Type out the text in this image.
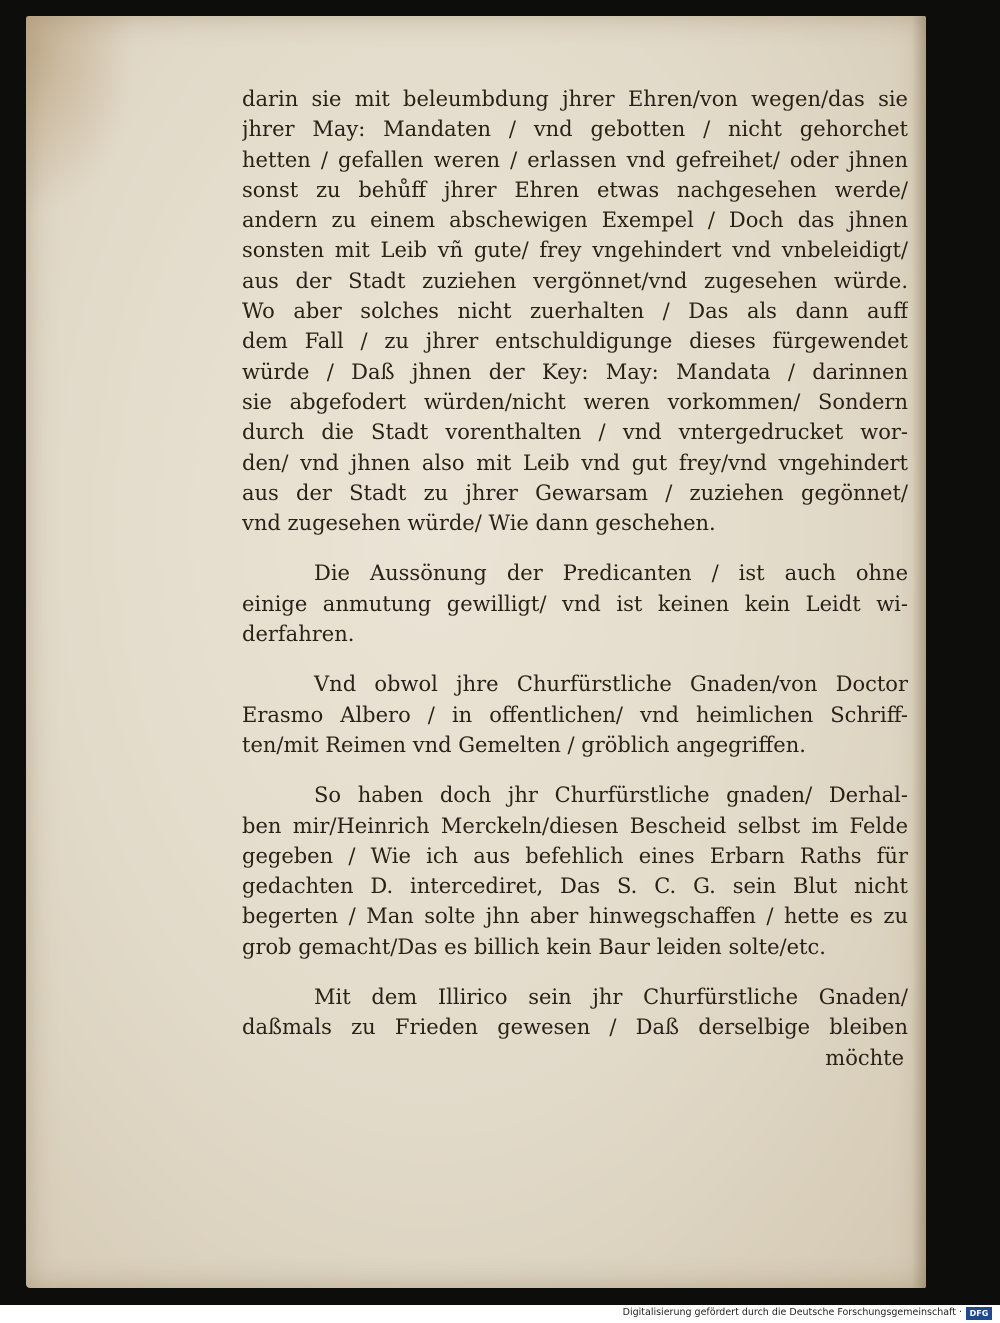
darin sie mit beleumbdung jhrer Ehren/von wegen/das sie
jhrer May: Mandaten / vnd gebotten / nicht gehorchet
hetten / gefallen weren / erlassen vnd gefreihet/ oder jhnen
sonst zu behůff jhrer Ehren etwas nachgesehen werde/
andern zu einem abschewigen Exempel / Doch das jhnen
sonsten mit Leib vñ gute/ frey vngehindert vnd vnbeleidigt/
aus der Stadt zuziehen vergönnet/vnd zugesehen würde.
Wo aber solches nicht zuerhalten / Das als dann auff
dem Fall / zu jhrer entschuldigunge dieses fürgewendet
würde / Daß jhnen der Key: May: Mandata / darinnen
sie abgefodert würden/nicht weren vorkommen/ Sondern
durch die Stadt vorenthalten / vnd vntergedrucket wor-
den/ vnd jhnen also mit Leib vnd gut frey/vnd vngehindert
aus der Stadt zu jhrer Gewarsam / zuziehen gegönnet/
vnd zugesehen würde/ Wie dann geschehen.
Die Aussönung der Predicanten / ist auch ohne
einige anmutung gewilligt/ vnd ist keinen kein Leidt wi-
derfahren.
Vnd obwol jhre Churfürstliche Gnaden/von Doctor
Erasmo Albero / in offentlichen/ vnd heimlichen Schriff-
ten/mit Reimen vnd Gemelten / gröblich angegriffen.
So haben doch jhr Churfürstliche gnaden/ Derhal-
ben mir/Heinrich Merckeln/diesen Bescheid selbst im Felde
gegeben / Wie ich aus befehlich eines Erbarn Raths für
gedachten D. intercediret, Das S. C. G. sein Blut nicht
begerten / Man solte jhn aber hinwegschaffen / hette es zu
grob gemacht/Das es billich kein Baur leiden solte/etc.
Mit dem Illirico sein jhr Churfürstliche Gnaden/
daßmals zu Frieden gewesen / Daß derselbige bleiben
möchte
Digitalisierung gefördert durch die Deutsche Forschungsgemeinschaft · DFG
